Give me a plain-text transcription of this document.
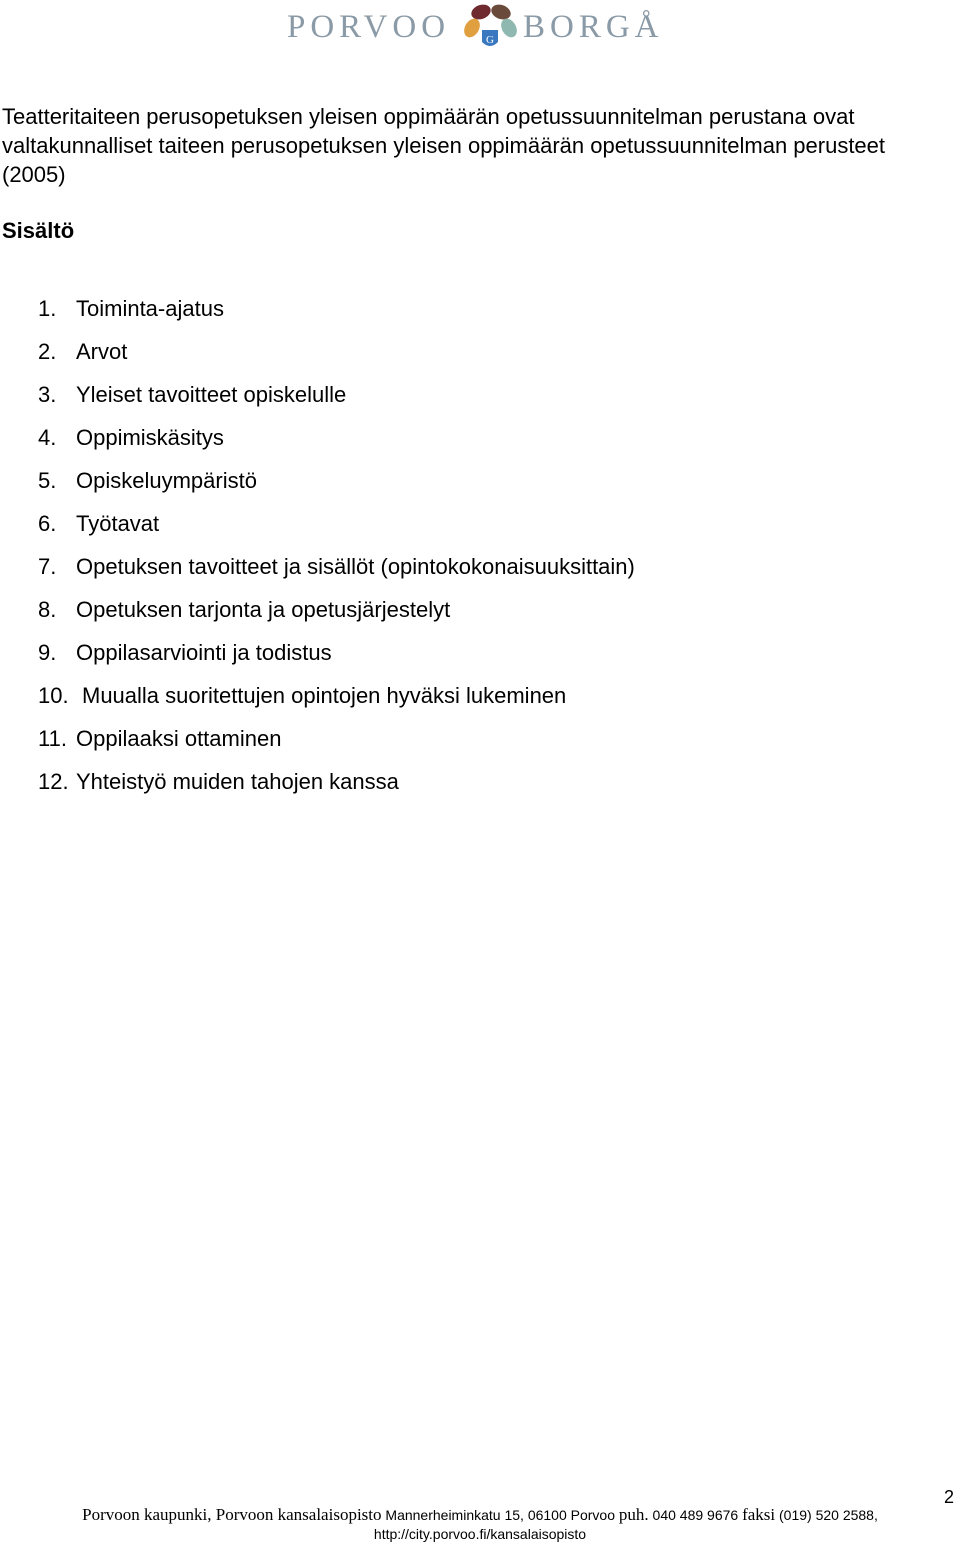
PORVOO	G BORGÅ

Teatteritaiteen perusopetuksen yleisen oppimäärän opetussuunnitelman perustana ovat valtakunnalliset taiteen perusopetuksen yleisen oppimäärän opetussuunnitelman perusteet (2005)

Sisältö
1. Toiminta-ajatus
2. Arvot
3. Yleiset tavoitteet opiskelulle
4. Oppimiskäsitys
5. Opiskeluympäristö
6. Työtavat
7. Opetuksen tavoitteet ja sisällöt (opintokokonaisuuksittain)
8. Opetuksen tarjonta ja opetusjärjestelyt
9. Oppilasarviointi ja todistus
10. Muualla suoritettujen opintojen hyväksi lukeminen
11. Oppilaaksi ottaminen
12. Yhteistyö muiden tahojen kanssa
2
Porvoon kaupunki, Porvoon kansalaisopisto Mannerheiminkatu 15, 06100 Porvoo puh. 040 489 9676 faksi (019) 520 2588,
http://city.porvoo.fi/kansalaisopisto
